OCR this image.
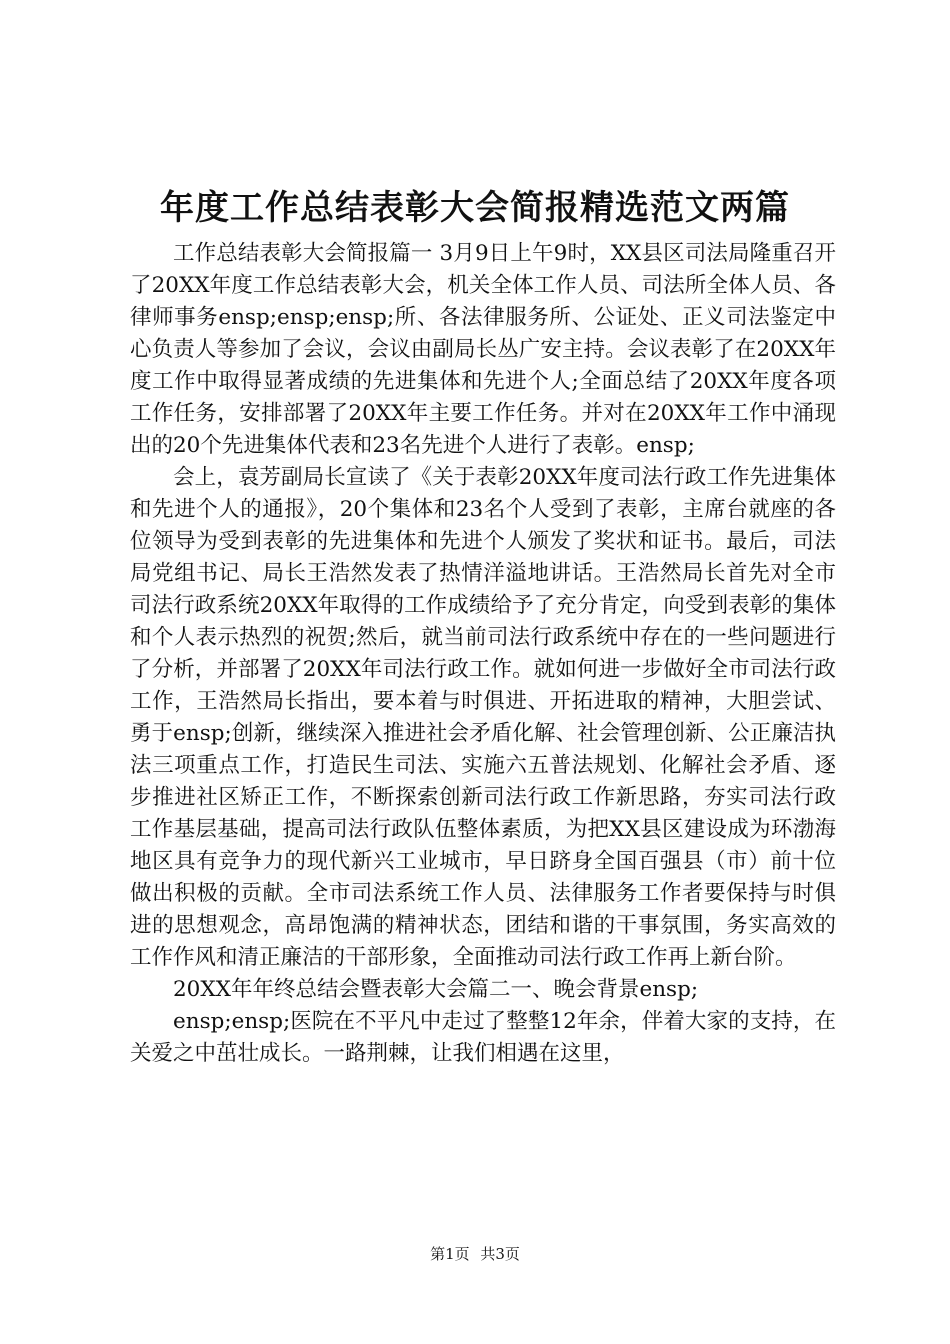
年度工作总结表彰大会简报精选范文两篇

工作总结表彰大会简报篇一 3月9日上午9时，XX县区司法局隆重召开了20XX年度工作总结表彰大会，机关全体工作人员、司法所全体人员、各律师事务ensp;ensp;ensp;所、各法律服务所、公证处、正义司法鉴定中心负责人等参加了会议，会议由副局长丛广安主持。会议表彰了在20XX年度工作中取得显著成绩的先进集体和先进个人;全面总结了20XX年度各项工作任务，安排部署了20XX年主要工作任务。并对在20XX年工作中涌现出的20个先进集体代表和23名先进个人进行了表彰。ensp;

会上，袁芳副局长宣读了《关于表彰20XX年度司法行政工作先进集体和先进个人的通报》，20个集体和23名个人受到了表彰，主席台就座的各位领导为受到表彰的先进集体和先进个人颁发了奖状和证书。最后，司法局党组书记、局长王浩然发表了热情洋溢地讲话。王浩然局长首先对全市司法行政系统20XX年取得的工作成绩给予了充分肯定，向受到表彰的集体和个人表示热烈的祝贺;然后，就当前司法行政系统中存在的一些问题进行了分析，并部署了20XX年司法行政工作。就如何进一步做好全市司法行政工作，王浩然局长指出，要本着与时俱进、开拓进取的精神，大胆尝试、勇于ensp;创新，继续深入推进社会矛盾化解、社会管理创新、公正廉洁执法三项重点工作，打造民生司法、实施六五普法规划、化解社会矛盾、逐步推进社区矫正工作，不断探索创新司法行政工作新思路，夯实司法行政工作基层基础，提高司法行政队伍整体素质，为把XX县区建设成为环渤海地区具有竞争力的现代新兴工业城市，早日跻身全国百强县（市）前十位做出积极的贡献。全市司法系统工作人员、法律服务工作者要保持与时俱进的思想观念，高昂饱满的精神状态，团结和谐的干事氛围，务实高效的工作作风和清正廉洁的干部形象，全面推动司法行政工作再上新台阶。

20XX年年终总结会暨表彰大会篇二一、晚会背景ensp;

ensp;ensp;医院在不平凡中走过了整整12年余，伴着大家的支持，在关爱之中茁壮成长。一路荆棘，让我们相遇在这里，

第1页 共3页
